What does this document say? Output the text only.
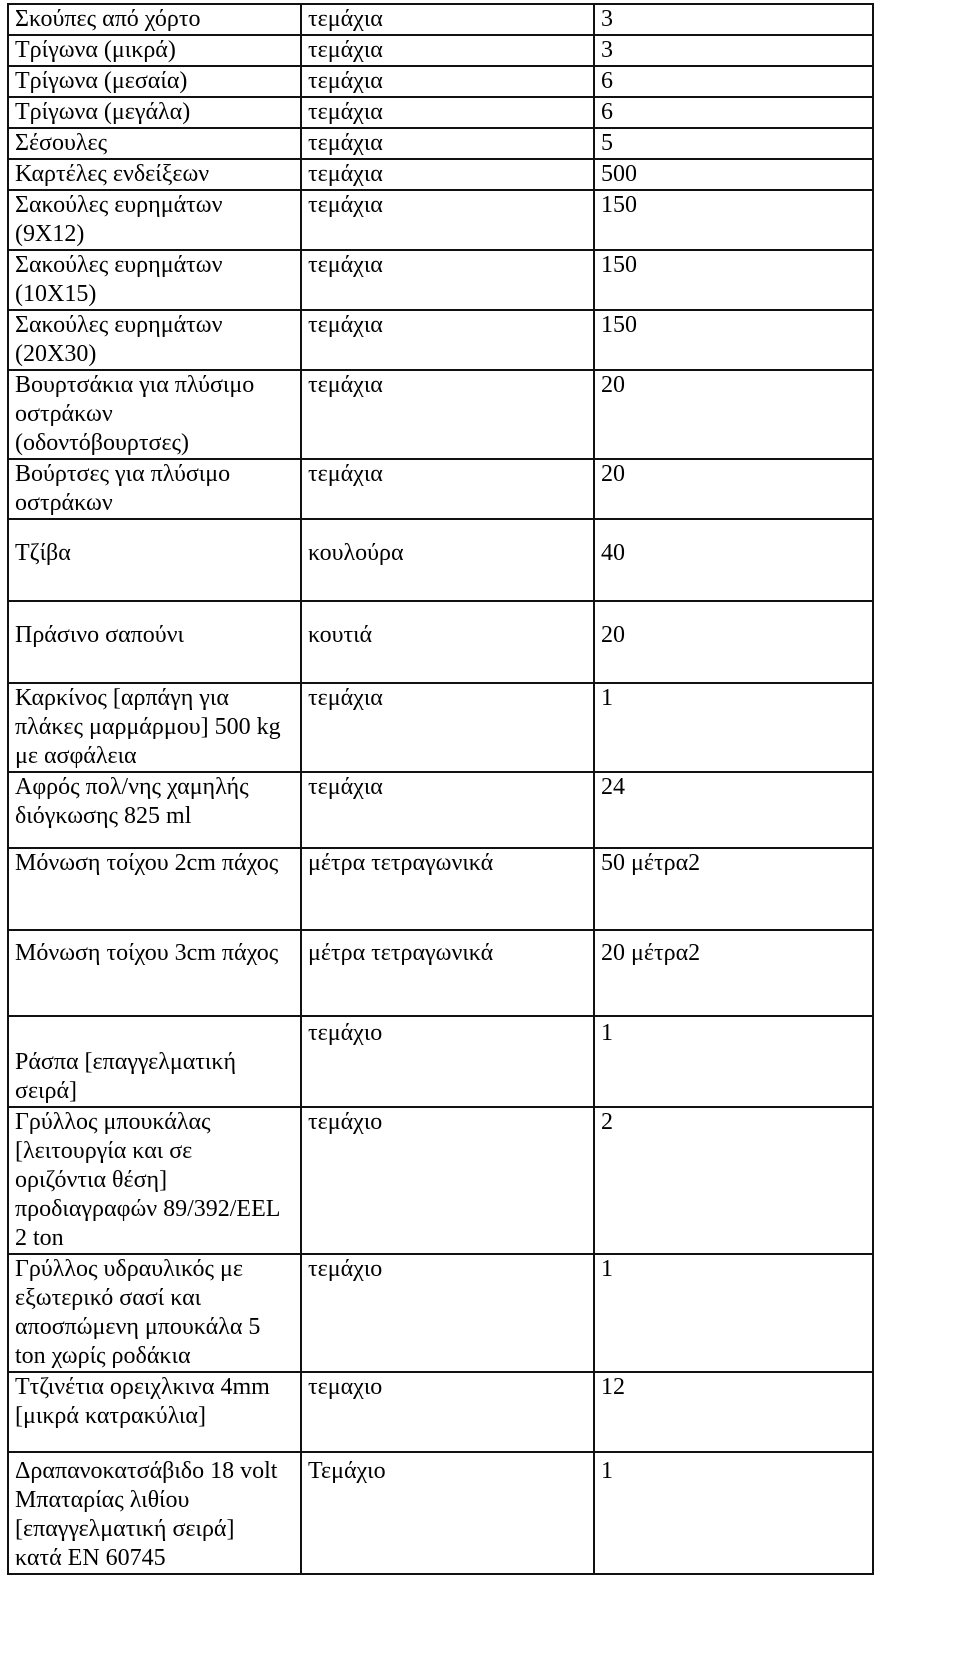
Σκούπες από χόρτο	τεμάχια	3
Τρίγωνα (μικρά)	τεμάχια	3
Τρίγωνα (μεσαία)	τεμάχια	6
Τρίγωνα (μεγάλα)	τεμάχια	6
Σέσουλες	τεμάχια	5
Καρτέλες ενδείξεων	τεμάχια	500
Σακούλες ευρημάτων
(9Χ12)	τεμάχια	150
Σακούλες ευρημάτων
(10Χ15)	τεμάχια	150
Σακούλες ευρημάτων
(20Χ30)	τεμάχια	150
Βουρτσάκια για πλύσιμο
οστράκων
(οδοντόβουρτσες)	τεμάχια	20
Βούρτσες για πλύσιμο
οστράκων	τεμάχια	20
Τζίβα	κουλούρα	40
Πράσινο σαπούνι	κουτιά	20
Καρκίνος [αρπάγη για
πλάκες μαρμάρμου] 500 kg
με ασφάλεια	τεμάχια	1
Αφρός πολ/νης χαμηλής
διόγκωσης 825 ml	τεμάχια	24
Μόνωση τοίχου 2cm πάχος	μέτρα τετραγωνικά	50 μέτρα2
Μόνωση τοίχου 3cm πάχος	μέτρα τετραγωνικά	20 μέτρα2
Ράσπα [επαγγελματική
σειρά]	τεμάχιο	1
Γρύλλος μπουκάλας
[λειτουργία και σε
οριζόντια θέση]
προδιαγραφών 89/392/EEL
2 ton	τεμάχιο	2
Γρύλλος υδραυλικός με
εξωτερικό σασί και
αποσπώμενη μπουκάλα 5
ton χωρίς ροδάκια	τεμάχιο	1
Ττζινέτια ορειχλκινα 4mm
[μικρά κατρακύλια]	τεμαχιο	12
Δραπανοκατσάβιδο 18 volt
Μπαταρίας λιθίου
[επαγγελματική σειρά]
κατά EN 60745	Τεμάχιο	1
